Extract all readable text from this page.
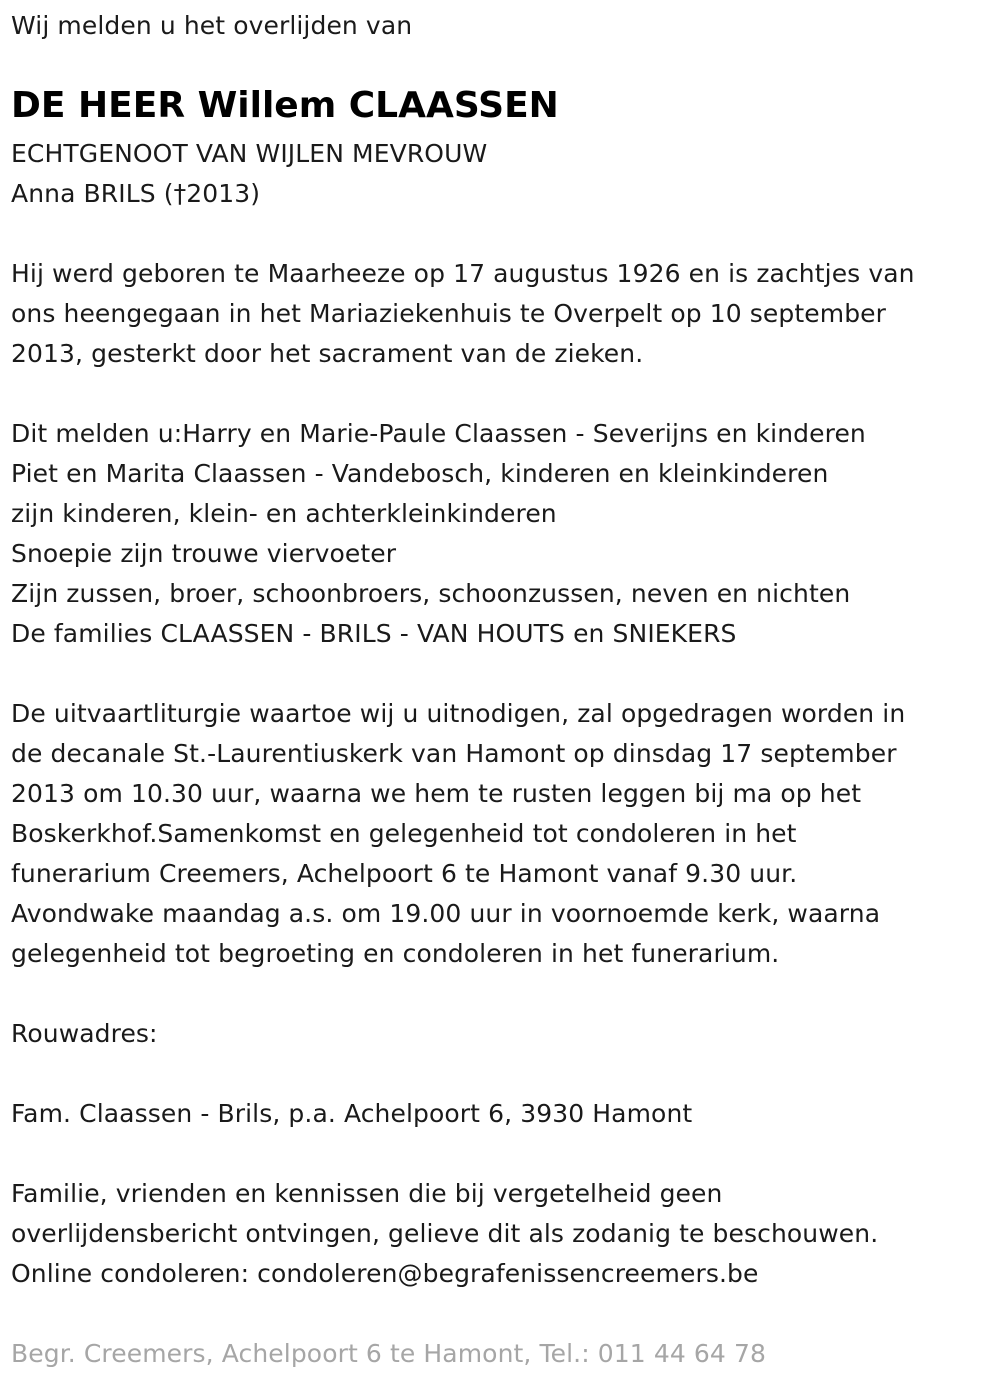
Wij melden u het overlijden van
DE HEER Willem CLAASSEN
ECHTGENOOT VAN WIJLEN MEVROUW
Anna BRILS (†2013)
Hij werd geboren te Maarheeze op 17 augustus 1926 en is zachtjes van
ons heengegaan in het Mariaziekenhuis te Overpelt op 10 september
2013, gesterkt door het sacrament van de zieken.
Dit melden u:Harry en Marie-Paule Claassen - Severijns en kinderen
Piet en Marita Claassen - Vandebosch, kinderen en kleinkinderen
zijn kinderen, klein- en achterkleinkinderen
Snoepie zijn trouwe viervoeter
Zijn zussen, broer, schoonbroers, schoonzussen, neven en nichten
De families CLAASSEN - BRILS - VAN HOUTS en SNIEKERS
De uitvaartliturgie waartoe wij u uitnodigen, zal opgedragen worden in
de decanale St.-Laurentiuskerk van Hamont op dinsdag 17 september
2013 om 10.30 uur, waarna we hem te rusten leggen bij ma op het
Boskerkhof.Samenkomst en gelegenheid tot condoleren in het
funerarium Creemers, Achelpoort 6 te Hamont vanaf 9.30 uur.
Avondwake maandag a.s. om 19.00 uur in voornoemde kerk, waarna
gelegenheid tot begroeting en condoleren in het funerarium.
Rouwadres:
Fam. Claassen - Brils, p.a. Achelpoort 6, 3930 Hamont
Familie, vrienden en kennissen die bij vergetelheid geen
overlijdensbericht ontvingen, gelieve dit als zodanig te beschouwen.
Online condoleren: condoleren@begrafenissencreemers.be
Begr. Creemers, Achelpoort 6 te Hamont, Tel.: 011 44 64 78
